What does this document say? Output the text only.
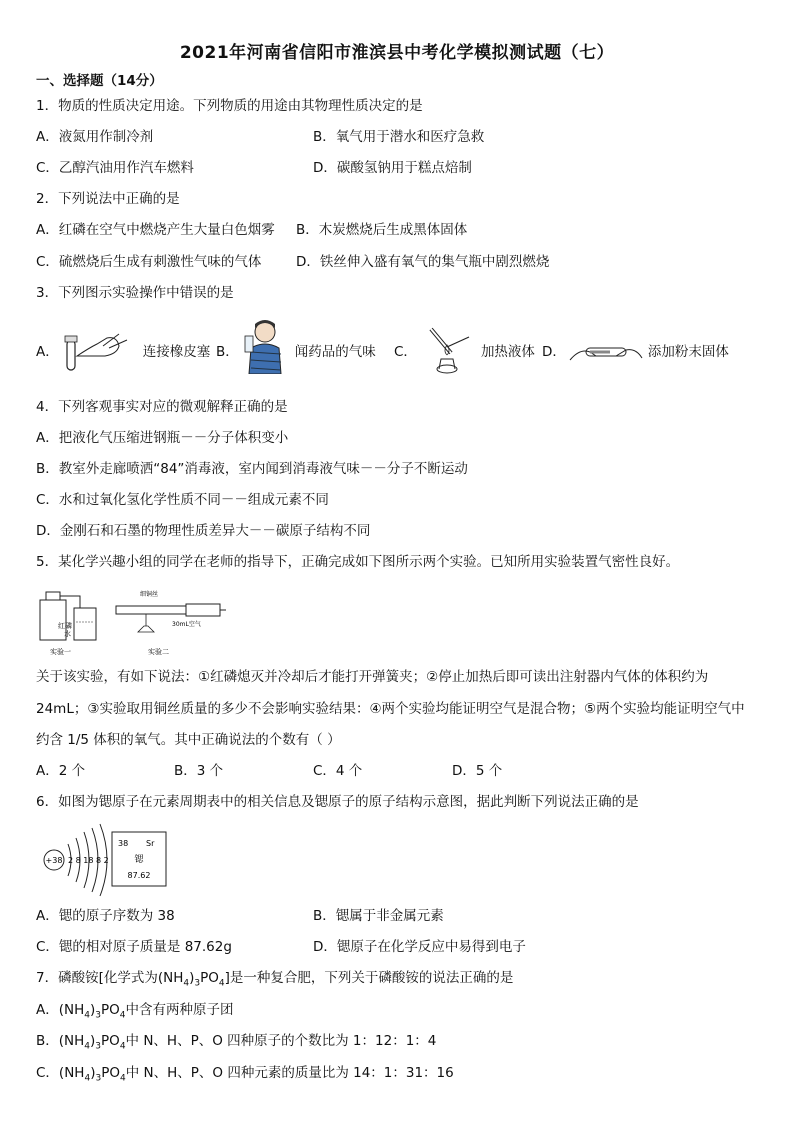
2021年河南省信阳市淮滨县中考化学模拟测试题（七）
一、选择题（14分）
1．物质的性质决定用途。下列物质的用途由其物理性质决定的是
A．液氮用作制冷剂	B．氧气用于潜水和医疗急救
C．乙醇汽油用作汽车燃料	D．碳酸氢钠用于糕点焙制
2．下列说法中正确的是
A．红磷在空气中燃烧产生大量白色烟雾 B．木炭燃烧后生成黑体固体
C．硫燃烧后生成有刺激性气味的气体	D．铁丝伸入盛有氧气的集气瓶中剧烈燃烧
3．下列图示实验操作中错误的是
A．	连接橡皮塞 B．	闻药品的气味 C．	加热液体 D．	添加粉末固体
4．下列客观事实对应的微观解释正确的是
A．把液化气压缩进钢瓶－－分子体积变小
B．教室外走廊喷洒“84”消毒液，室内闻到消毒液气味－－分子不断运动
C．水和过氧化氢化学性质不同－－组成元素不同
D．金刚石和石墨的物理性质差异大－－碳原子结构不同
5．某化学兴趣小组的同学在老师的指导下，正确完成如下图所示两个实验。已知所用实验装置气密性良好。
红磷
水
实验一
细铜丝
30mL空气
实验二
关于该实验，有如下说法：①红磷熄灭并冷却后才能打开弹簧夹；②停止加热后即可读出注射器内气体的体积约为
24mL；③实验取用铜丝质量的多少不会影响实验结果：④两个实验均能证明空气是混合物；⑤两个实验均能证明空气中
约含 1/5 体积的氧气。其中正确说法的个数有（ ）
A．2 个	B．3 个	C．4 个	D．5 个
6．如图为锶原子在元素周期表中的相关信息及锶原子的原子结构示意图，据此判断下列说法正确的是
+38 2 8 18 8 2
38 Sr
锶
87.62
A．锶的原子序数为 38	B．锶属于非金属元素
C．锶的相对原子质量是 87.62g	D．锶原子在化学反应中易得到电子
7．磷酸铵[化学式为$(NH_4)_3PO_4$]是一种复合肥，下列关于磷酸铵的说法正确的是
A．$(NH_4)_3PO_4$中含有两种原子团
B．$(NH_4)_3PO_4$中 N、H、P、O 四种原子的个数比为 1：12：1：4
C．$(NH_4)_3PO_4$中 N、H、P、O 四种元素的质量比为 14：1：31：16
